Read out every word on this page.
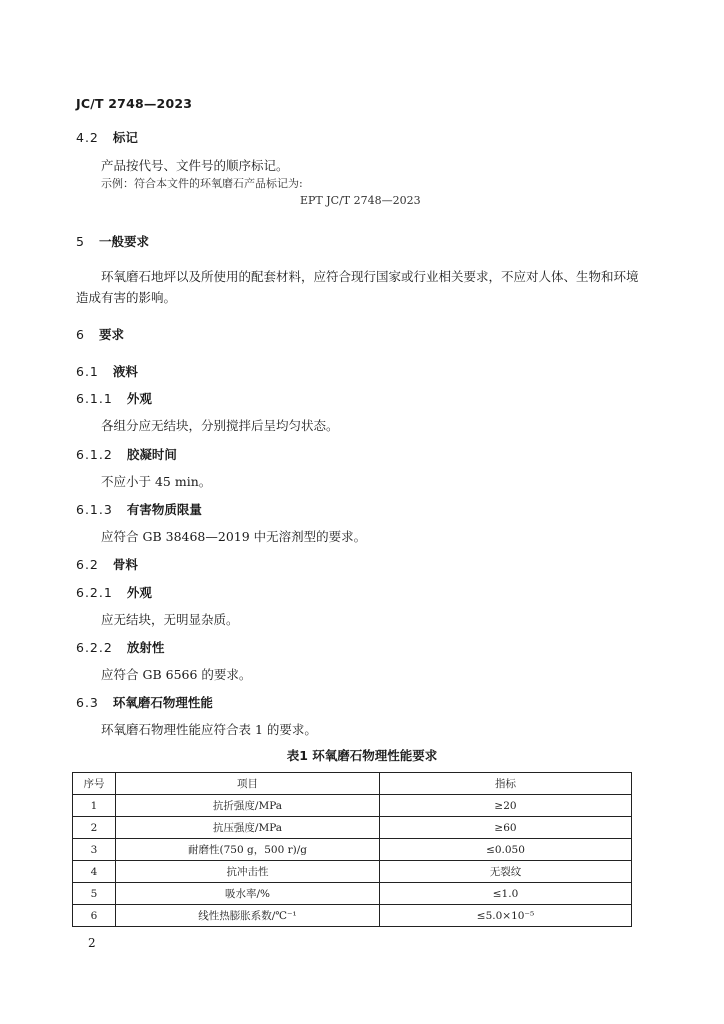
JC/T 2748—2023
4.2 标记
产品按代号、文件号的顺序标记。
示例：符合本文件的环氧磨石产品标记为:
EPT JC/T 2748—2023
5 一般要求
环氧磨石地坪以及所使用的配套材料，应符合现行国家或行业相关要求，不应对人体、生物和环境
造成有害的影响。
6 要求
6.1 液料
6.1.1 外观
各组分应无结块，分别搅拌后呈均匀状态。
6.1.2 胶凝时间
不应小于 45 min。
6.1.3 有害物质限量
应符合 GB 38468—2019 中无溶剂型的要求。
6.2 骨料
6.2.1 外观
应无结块，无明显杂质。
6.2.2 放射性
应符合 GB 6566 的要求。
6.3 环氧磨石物理性能
环氧磨石物理性能应符合表 1 的要求。
表1 环氧磨石物理性能要求
序号	项目	指标
1	抗折强度/MPa	≥20
2	抗压强度/MPa	≥60
3	耐磨性(750 g，500 r)/g	≤0.050
4	抗冲击性	无裂纹
5	吸水率/%	≤1.0
6	线性热膨胀系数/℃⁻¹	≤5.0×10⁻⁵
2
